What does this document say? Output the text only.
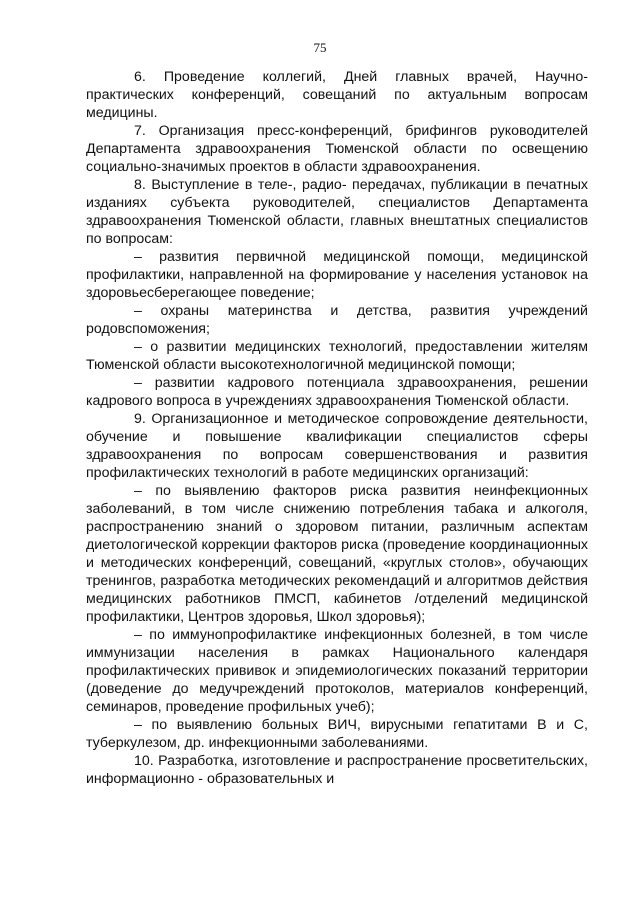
75

6. Проведение коллегий, Дней главных врачей, Научно-практических конференций, совещаний по актуальным вопросам медицины.

7. Организация пресс-конференций, брифингов руководителей Департамента здравоохранения Тюменской области по освещению социально-значимых проектов в области здравоохранения.

8. Выступление в теле-, радио- передачах, публикации в печатных изданиях субъекта руководителей, специалистов Департамента здравоохранения Тюменской области, главных внештатных специалистов по вопросам:

– развития первичной медицинской помощи, медицинской профилактики, направленной на формирование у населения установок на здоровьесберегающее поведение;

– охраны материнства и детства, развития учреждений родовспоможения;

– о развитии медицинских технологий, предоставлении жителям Тюменской области высокотехнологичной медицинской помощи;

– развитии кадрового потенциала здравоохранения, решении кадрового вопроса в учреждениях здравоохранения Тюменской области.

9. Организационное и методическое сопровождение деятельности, обучение и повышение квалификации специалистов сферы здравоохранения по вопросам совершенствования и развития профилактических технологий в работе медицинских организаций:

– по выявлению факторов риска развития неинфекционных заболеваний, в том числе снижению потребления табака и алкоголя, распространению знаний о здоровом питании, различным аспектам диетологической коррекции факторов риска (проведение координационных и методических конференций, совещаний, «круглых столов», обучающих тренингов, разработка методических рекомендаций и алгоритмов действия медицинских работников ПМСП, кабинетов /отделений медицинской профилактики, Центров здоровья, Школ здоровья);

– по иммунопрофилактике инфекционных болезней, в том числе иммунизации населения в рамках Национального календаря профилактических прививок и эпидемиологических показаний территории (доведение до медучреждений протоколов, материалов конференций, семинаров, проведение профильных учеб);

– по выявлению больных ВИЧ, вирусными гепатитами В и С, туберкулезом, др. инфекционными заболеваниями.

10. Разработка, изготовление и распространение просветительских, информационно - образовательных и
